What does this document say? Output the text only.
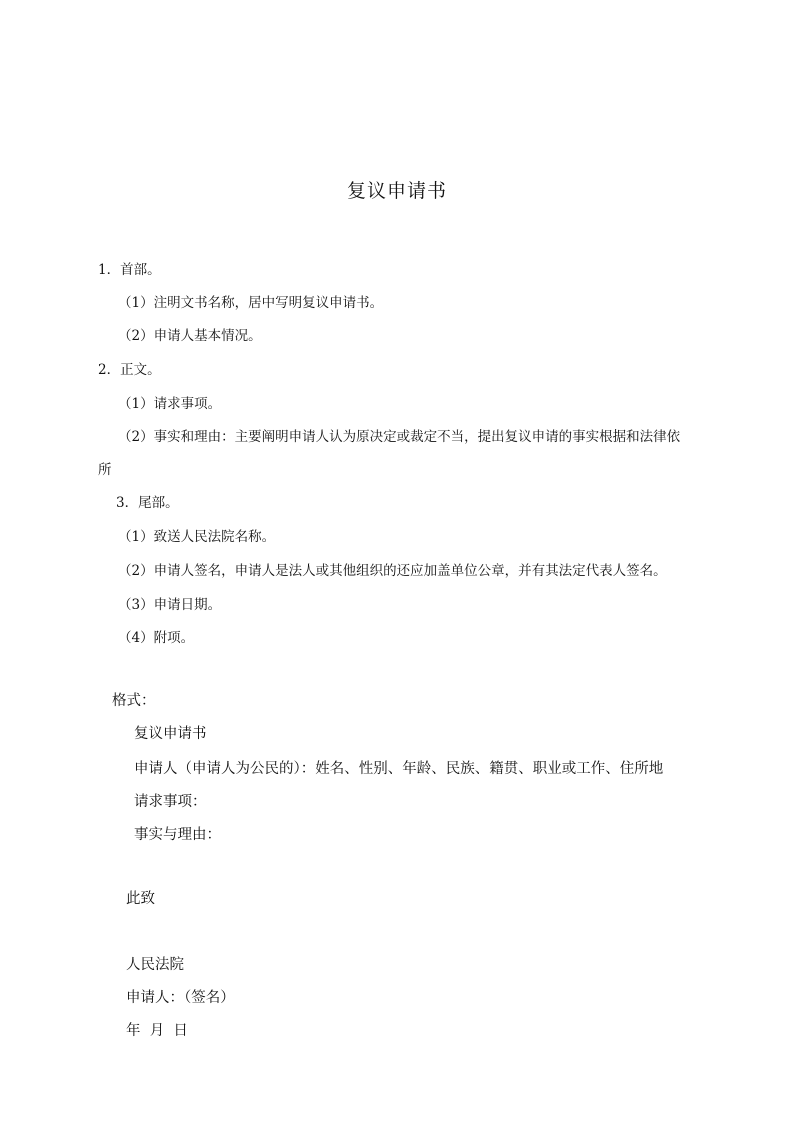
复议申请书
1．首部。
（1）注明文书名称，居中写明复议申请书。
（2）申请人基本情况。
2．正文。
（1）请求事项。
（2）事实和理由：主要阐明申请人认为原决定或裁定不当，提出复议申请的事实根据和法律依
所
3．尾部。
（1）致送人民法院名称。
（2）申请人签名，申请人是法人或其他组织的还应加盖单位公章，并有其法定代表人签名。
（3）申请日期。
（4）附项。
格式：
复议申请书
申请人（申请人为公民的）：姓名、性别、年龄、民族、籍贯、职业或工作、住所地
请求事项：
事实与理由：
此致
人民法院
申请人：（签名）
年  月  日
